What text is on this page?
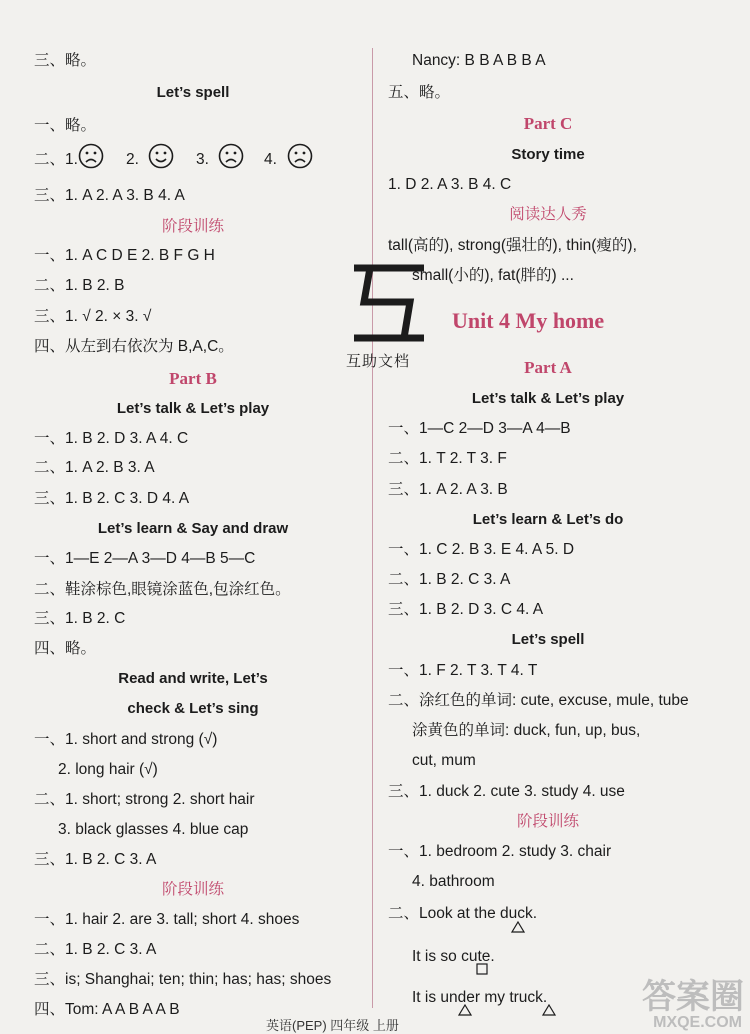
三、略。
Let’s spell
一、略。
二、1.	2.	3.	4.
三、1. A 2. A 3. B 4. A
阶段训练
一、1. A C D E 2. B F G H
二、1. B 2. B
三、1. √ 2. × 3. √
四、从左到右依次为 B,A,C。
Part B
Let’s talk & Let’s play
一、1. B 2. D 3. A 4. C
二、1. A 2. B 3. A
三、1. B 2. C 3. D 4. A
Let’s learn & Say and draw
一、1—E 2—A 3—D 4—B 5—C
二、鞋涂棕色,眼镜涂蓝色,包涂红色。
三、1. B 2. C
四、略。
Read and write, Let’s
check & Let’s sing
一、1. short and strong (√)
2. long hair (√)
二、1. short; strong 2. short hair
3. black glasses 4. blue cap
三、1. B 2. C 3. A
阶段训练
一、1. hair 2. are 3. tall; short 4. shoes
二、1. B 2. C 3. A
三、is; Shanghai; ten; thin; has; has; shoes
四、Tom: A A B A A B
互助文档
Nancy: B B A B B A
五、略。
Part C
Story time
1. D 2. A 3. B 4. C
阅读达人秀
tall(高的), strong(强壮的), thin(瘦的),
small(小的), fat(胖的) ...
Unit 4 My home
Part A
Let’s talk & Let’s play
一、1—C 2—D 3—A 4—B
二、1. T 2. T 3. F
三、1. A 2. A 3. B
Let’s learn & Let’s do
一、1. C 2. B 3. E 4. A 5. D
二、1. B 2. C 3. A
三、1. B 2. D 3. C 4. A
Let’s spell
一、1. F 2. T 3. T 4. T
二、涂红色的单词: cute, excuse, mule, tube
涂黄色的单词: duck, fun, up, bus,
cut, mum
三、1. duck 2. cute 3. study 4. use
阶段训练
一、1. bedroom 2. study 3. chair
4. bathroom
二、Look at the duck.
It is so cute.
It is under my truck.
英语(PEP) 四年级 上册
答案圈
MXQE.COM
